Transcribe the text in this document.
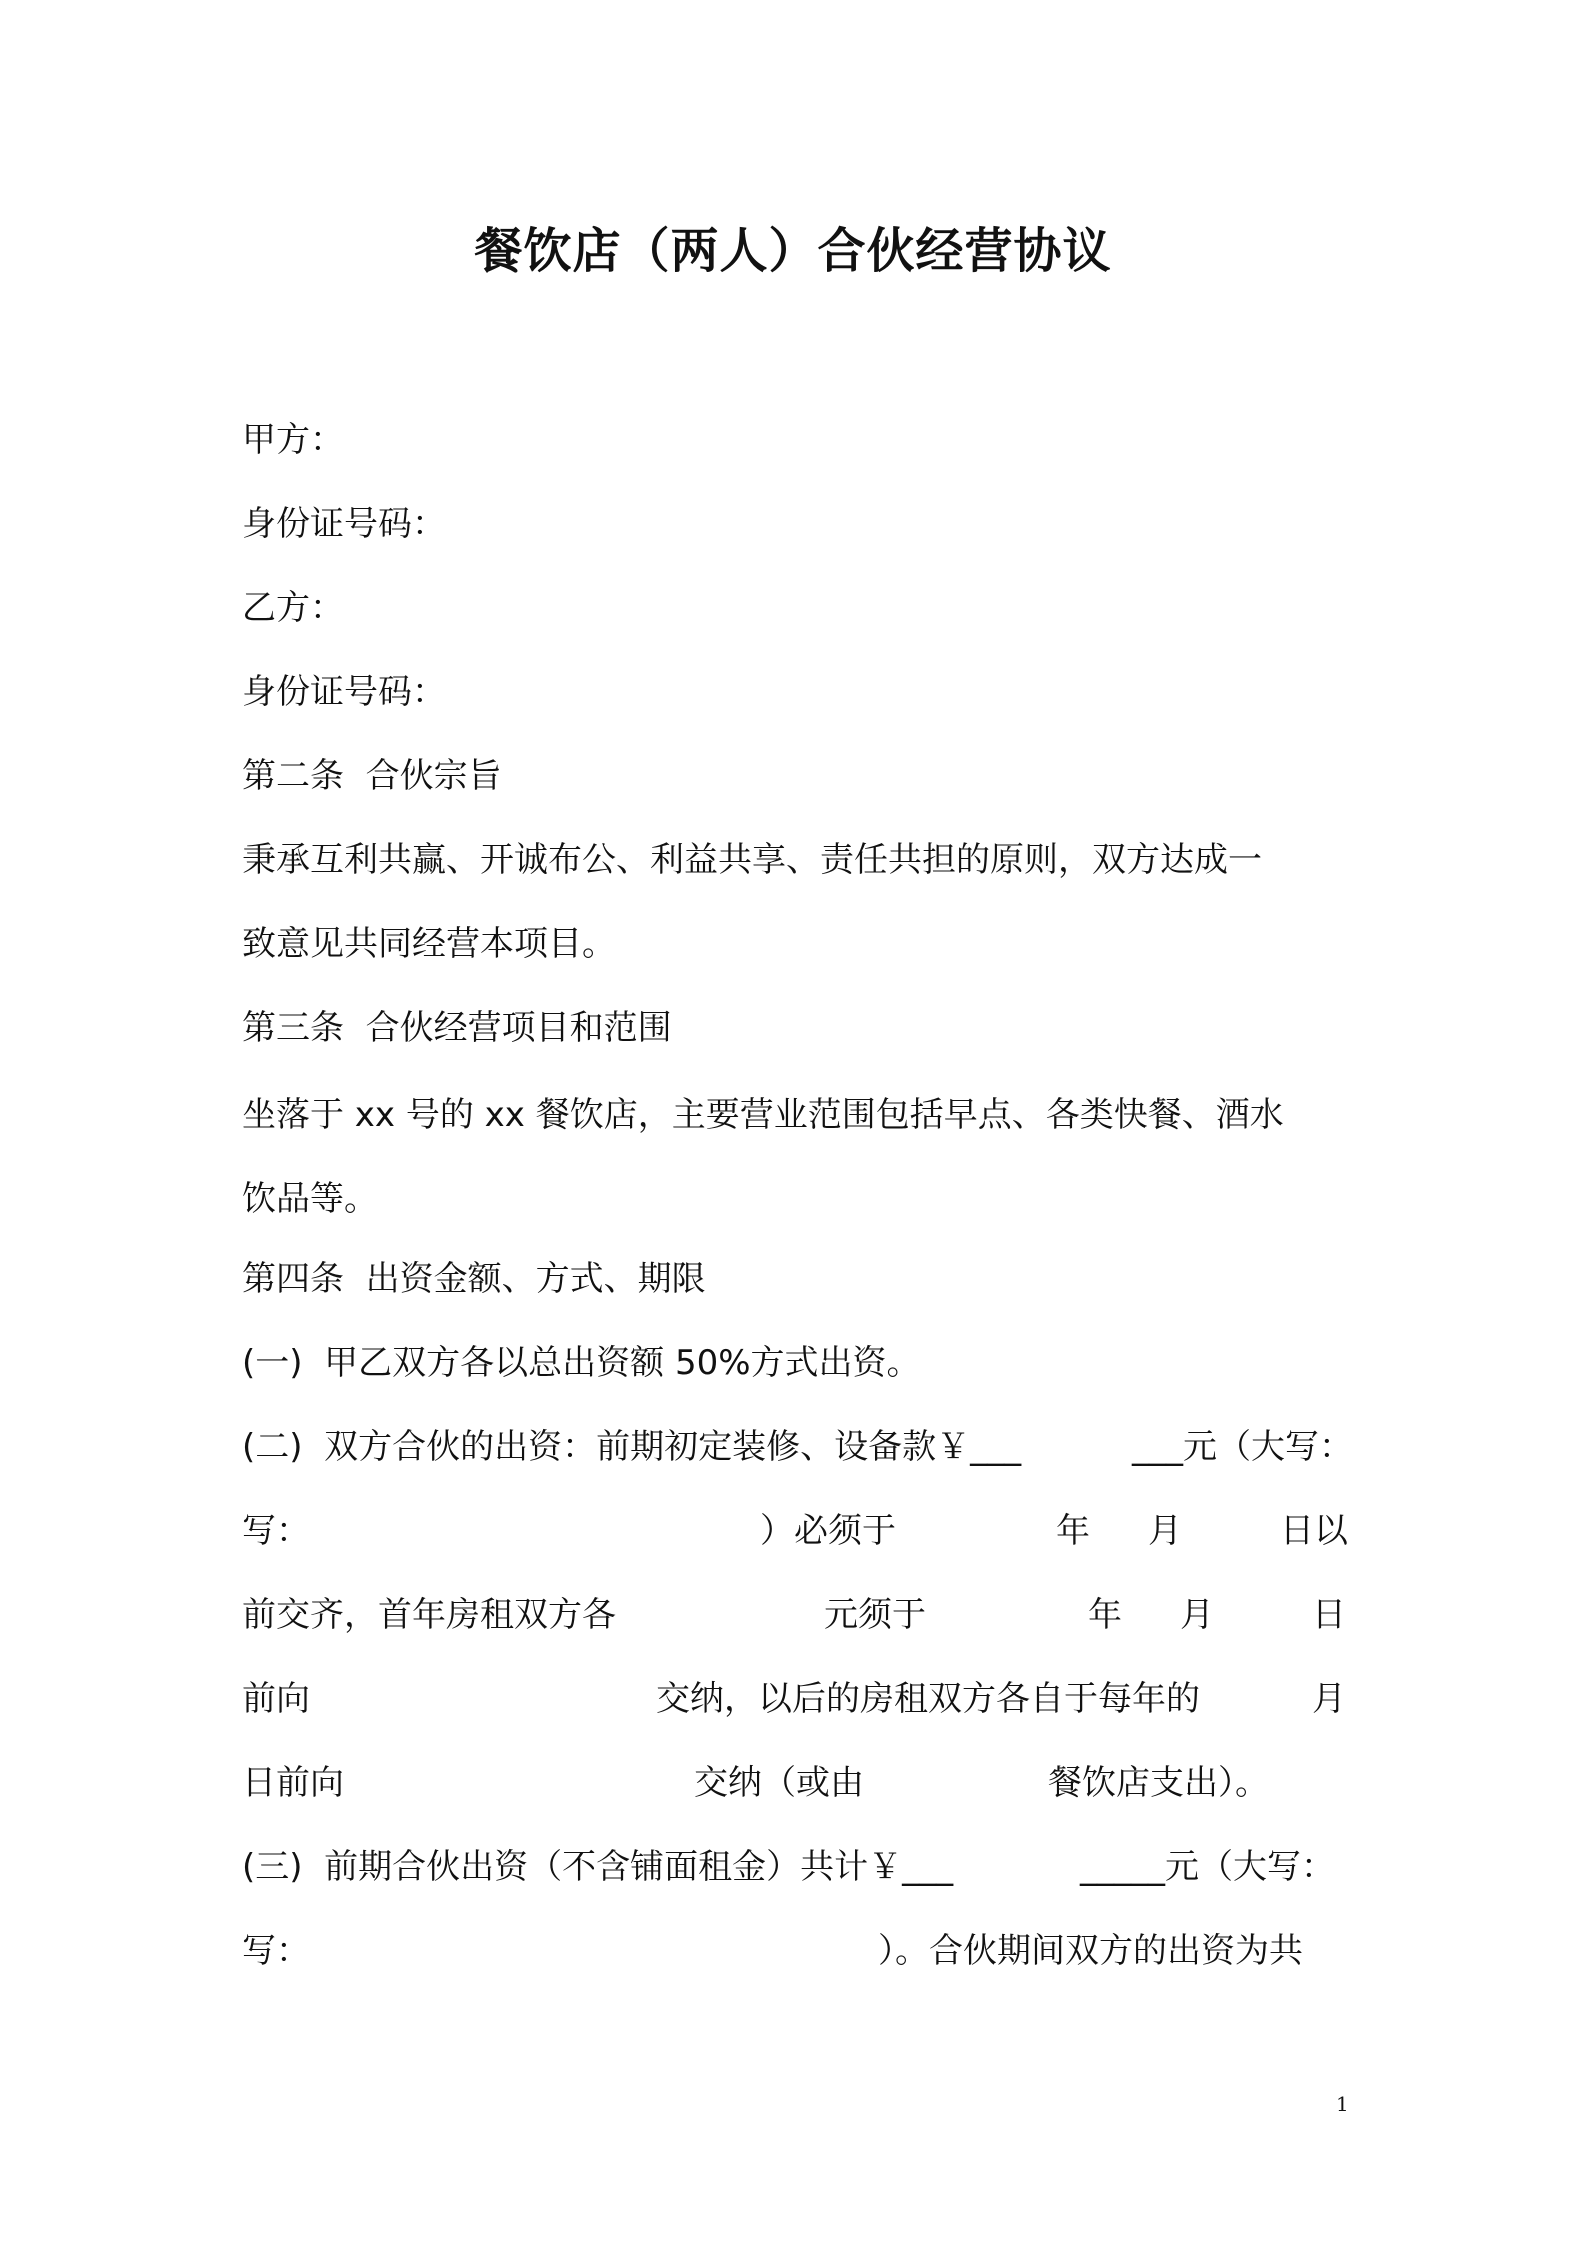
餐饮店（两人）合伙经营协议

甲方：

身份证号码：

乙方：

身份证号码：

第二条  合伙宗旨

秉承互利共赢、开诚布公、利益共享、责任共担的原则，双方达成一

致意见共同经营本项目。

第三条  合伙经营项目和范围

坐落于 xx 号的 xx 餐饮店，主要营业范围包括早点、各类快餐、酒水

饮品等。

第四条  出资金额、方式、期限

(一)  甲乙双方各以总出资额 50%方式出资。

(二)  双方合伙的出资：前期初定装修、设备款￥___	___元（大写：
写：	）必须于	年 月	日以
前交齐，首年房租双方各	元须于	年 月	日
前向	交纳，以后的房租双方各自于每年的	月
日前向	交纳（或由	餐饮店支出）。
(三)  前期合伙出资（不含铺面租金）共计￥___	_____元（大写：
写：	）。合伙期间双方的出资为共
1
